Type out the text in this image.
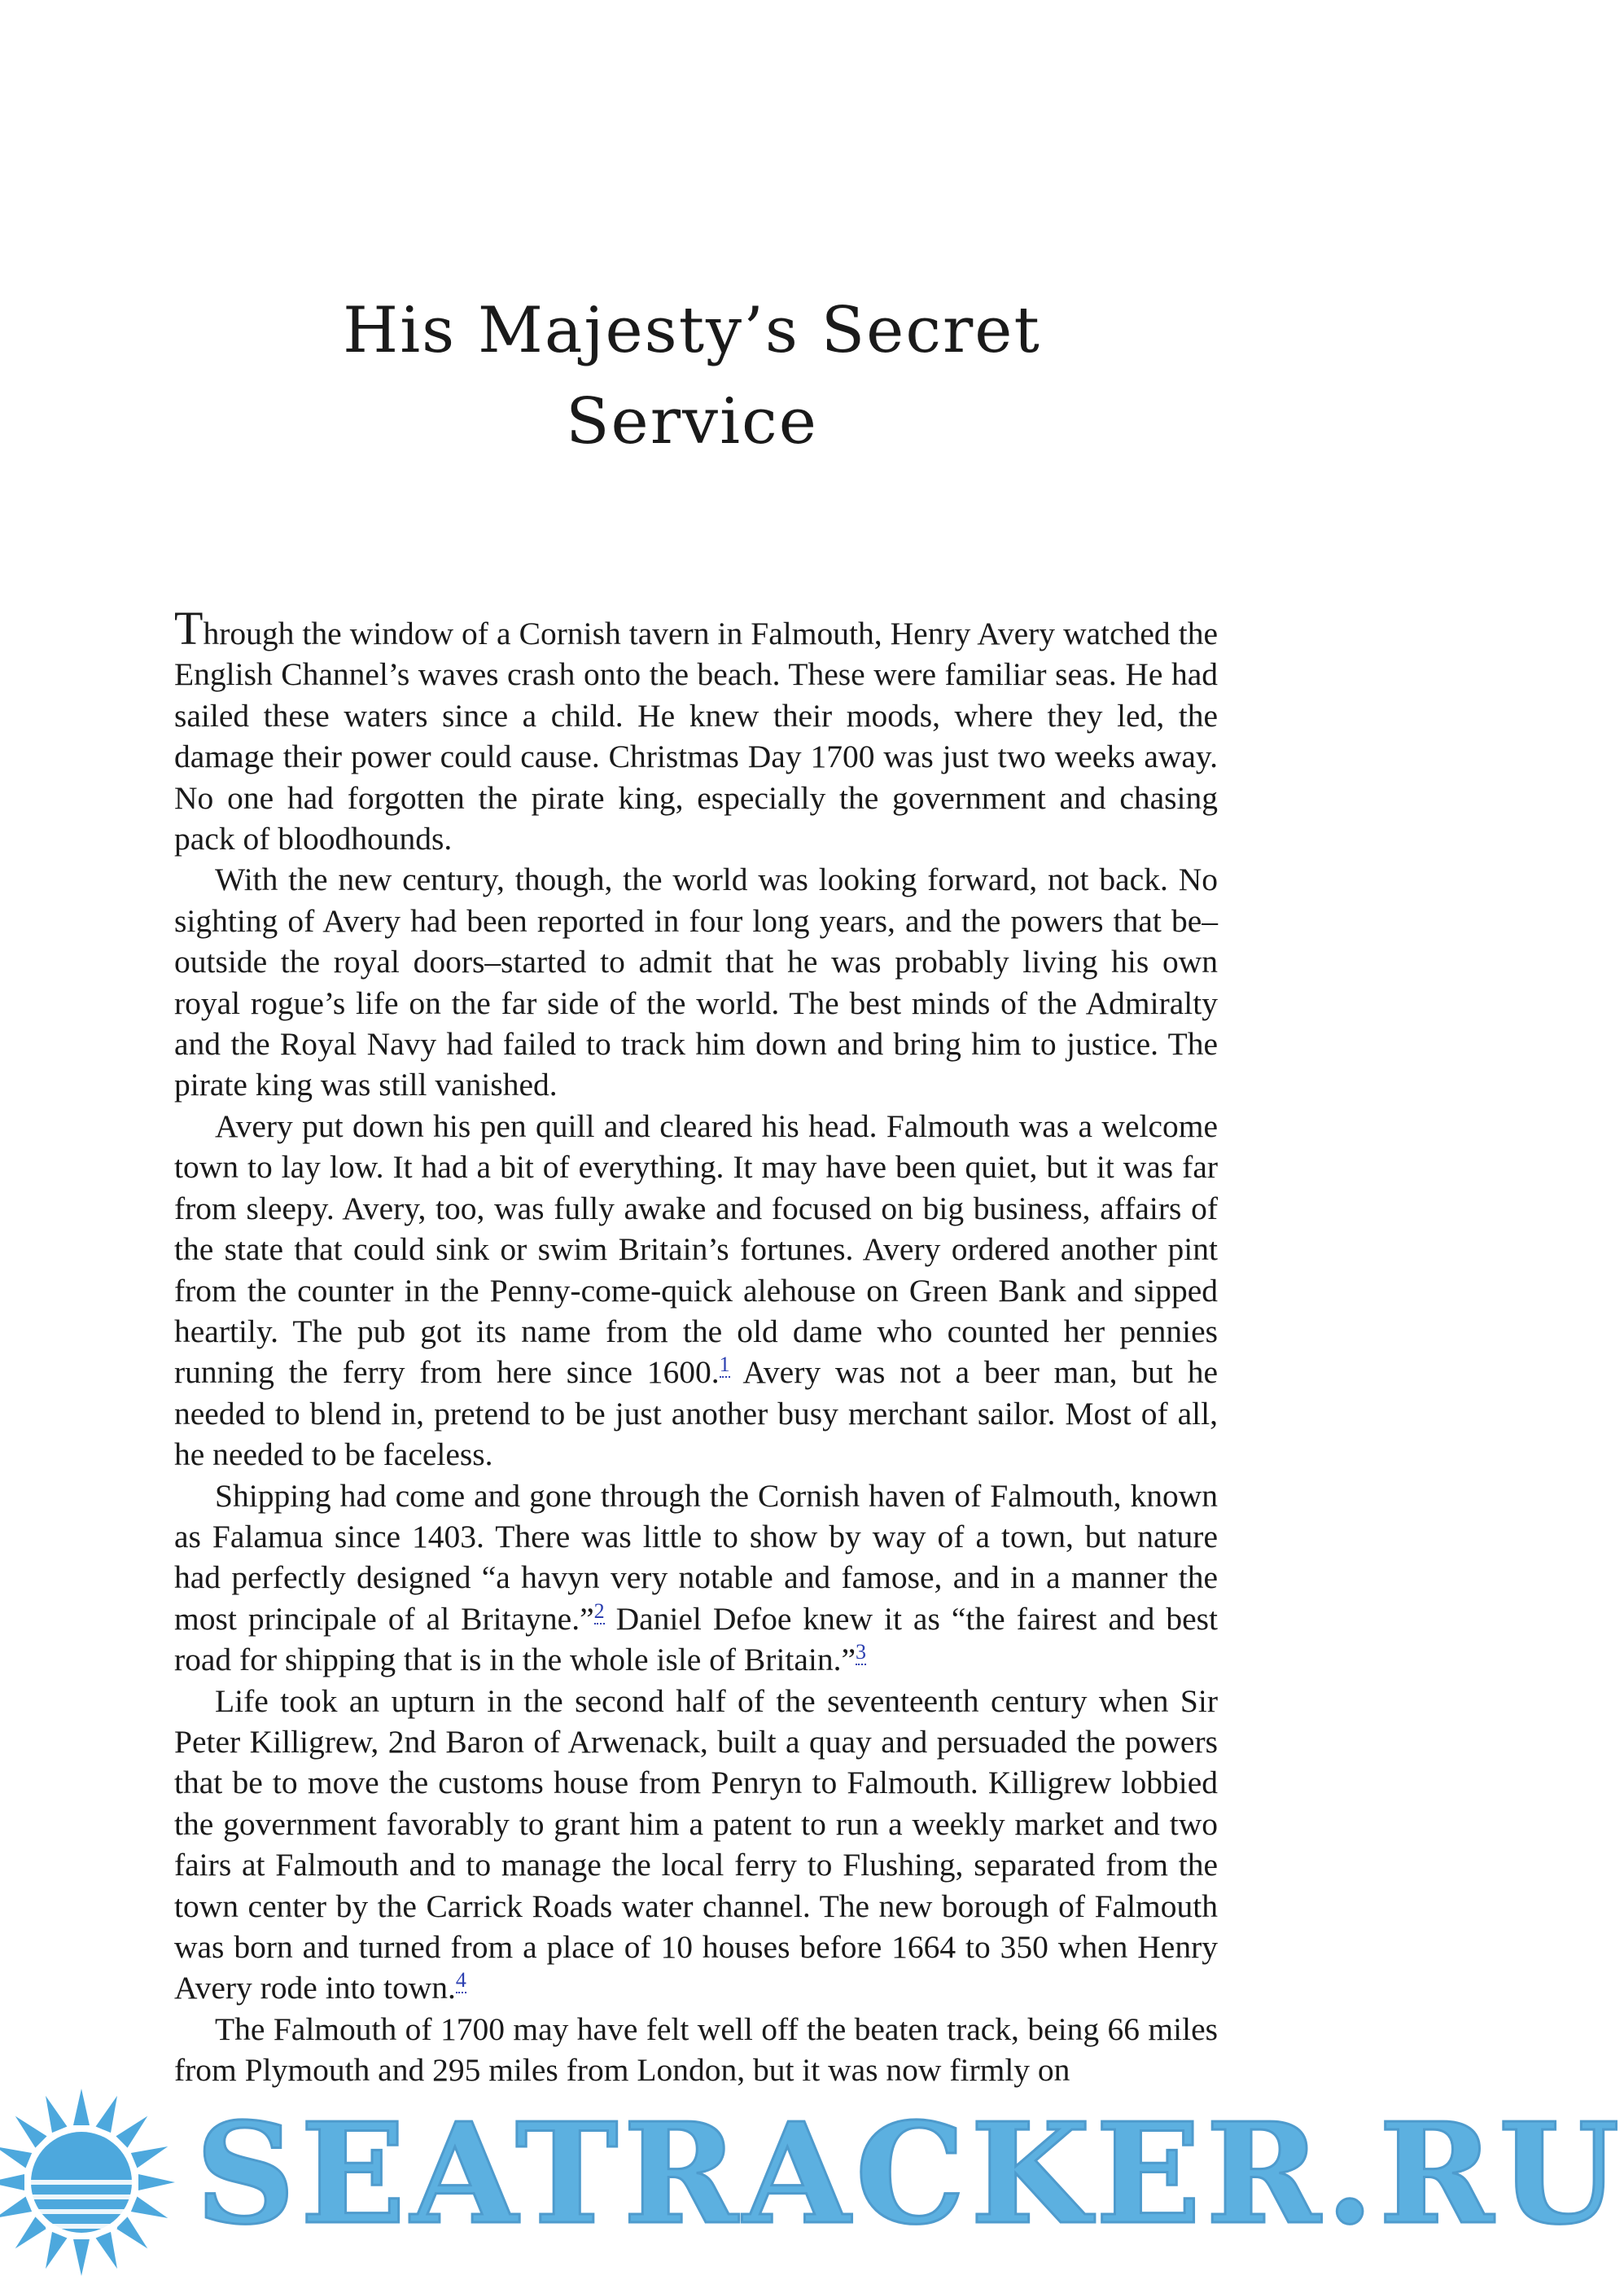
His Majesty’s Secret
Service

Through the window of a Cornish tavern in Falmouth, Henry Avery watched the English Channel’s waves crash onto the beach. These were familiar seas. He had sailed these waters since a child. He knew their moods, where they led, the damage their power could cause. Christmas Day 1700 was just two weeks away. No one had forgotten the pirate king, especially the government and chasing pack of bloodhounds.

With the new century, though, the world was looking forward, not back. No sighting of Avery had been reported in four long years, and the powers that be–outside the royal doors–started to admit that he was probably living his own royal rogue’s life on the far side of the world. The best minds of the Admiralty and the Royal Navy had failed to track him down and bring him to justice. The pirate king was still vanished.

Avery put down his pen quill and cleared his head. Falmouth was a welcome town to lay low. It had a bit of everything. It may have been quiet, but it was far from sleepy. Avery, too, was fully awake and focused on big business, affairs of the state that could sink or swim Britain’s fortunes. Avery ordered another pint from the counter in the Penny-come-quick alehouse on Green Bank and sipped heartily. The pub got its name from the old dame who counted her pennies running the ferry from here since 1600.$^1$ Avery was not a beer man, but he needed to blend in, pretend to be just another busy merchant sailor. Most of all, he needed to be faceless.

Shipping had come and gone through the Cornish haven of Falmouth, known as Falamua since 1403. There was little to show by way of a town, but nature had perfectly designed “a havyn very notable and famose, and in a manner the most principale of al Britayne.”$^2$ Daniel Defoe knew it as “the fairest and best road for shipping that is in the whole isle of Britain.”$^3$

Life took an upturn in the second half of the seventeenth century when Sir Peter Killigrew, 2nd Baron of Arwenack, built a quay and persuaded the powers that be to move the customs house from Penryn to Falmouth. Killigrew lobbied the government favorably to grant him a patent to run a weekly market and two fairs at Falmouth and to manage the local ferry to Flushing, separated from the town center by the Carrick Roads water channel. The new borough of Falmouth was born and turned from a place of 10 houses before 1664 to 350 when Henry Avery rode into town.$^4$

The Falmouth of 1700 may have felt well off the beaten track, being 66 miles from Plymouth and 295 miles from London, but it was now firmly on

SEATRACKER.RU
